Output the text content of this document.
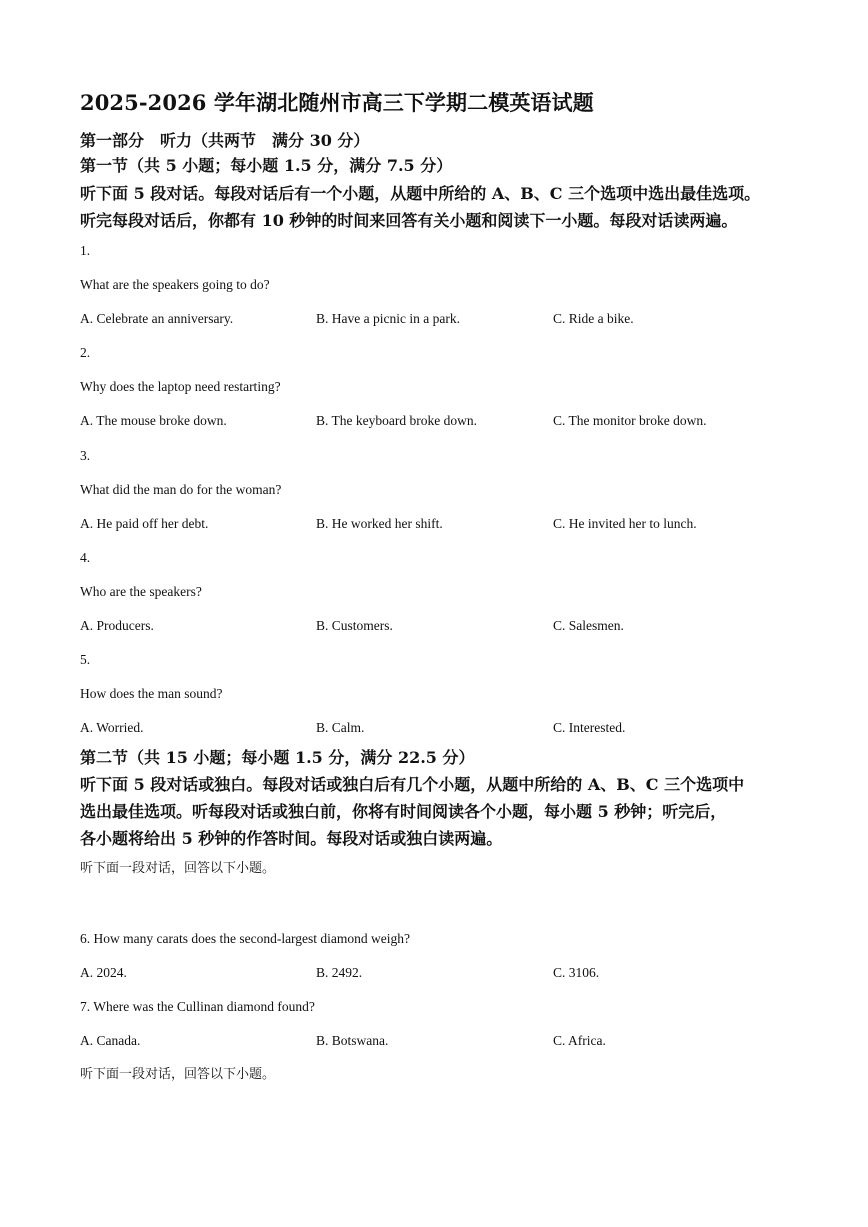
2025-2026 学年湖北随州市高三下学期二模英语试题
第一部分　听力（共两节　满分 30 分）
第一节（共 5 小题；每小题 1.5 分，满分 7.5 分）
听下面 5 段对话。每段对话后有一个小题，从题中所给的 A、B、C 三个选项中选出最佳选项。
听完每段对话后，你都有 10 秒钟的时间来回答有关小题和阅读下一小题。每段对话读两遍。
1.
What are the speakers going to do?
A. Celebrate an anniversary.	B. Have a picnic in a park.	C. Ride a bike.
2.
Why does the laptop need restarting?
A. The mouse broke down.	B. The keyboard broke down.	C. The monitor broke down.
3.
What did the man do for the woman?
A. He paid off her debt.	B. He worked her shift.	C. He invited her to lunch.
4.
Who are the speakers?
A. Producers.	B. Customers.	C. Salesmen.
5.
How does the man sound?
A. Worried.	B. Calm.	C. Interested.
第二节（共 15 小题；每小题 1.5 分，满分 22.5 分）
听下面 5 段对话或独白。每段对话或独白后有几个小题，从题中所给的 A、B、C 三个选项中
选出最佳选项。听每段对话或独白前，你将有时间阅读各个小题，每小题 5 秒钟；听完后，
各小题将给出 5 秒钟的作答时间。每段对话或独白读两遍。
听下面一段对话，回答以下小题。
6. How many carats does the second-largest diamond weigh?
A. 2024.	B. 2492.	C. 3106.
7. Where was the Cullinan diamond found?
A. Canada.	B. Botswana.	C. Africa.
听下面一段对话，回答以下小题。
